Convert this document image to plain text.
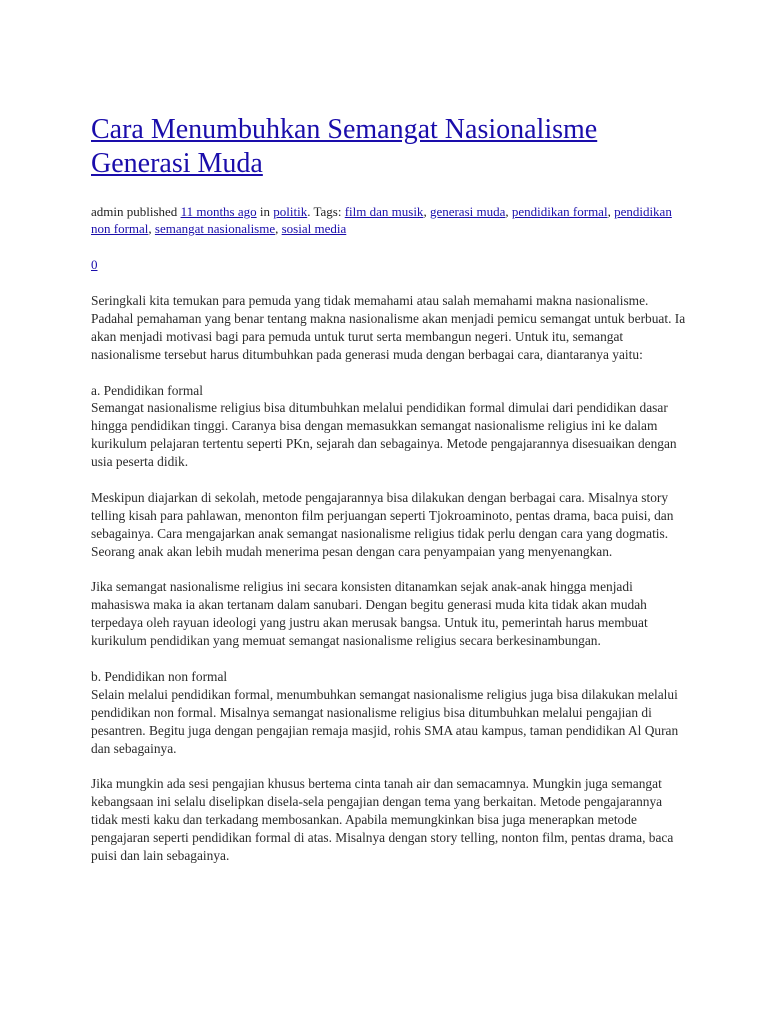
Cara Menumbuhkan Semangat Nasionalisme Generasi Muda
admin published 11 months ago in politik. Tags: film dan musik, generasi muda, pendidikan formal, pendidikan non formal, semangat nasionalisme, sosial media
0

Seringkali kita temukan para pemuda yang tidak memahami atau salah memahami makna nasionalisme. Padahal pemahaman yang benar tentang makna nasionalisme akan menjadi pemicu semangat untuk berbuat. Ia akan menjadi motivasi bagi para pemuda untuk turut serta membangun negeri. Untuk itu, semangat nasionalisme tersebut harus ditumbuhkan pada generasi muda dengan berbagai cara, diantaranya yaitu:

a. Pendidikan formal
Semangat nasionalisme religius bisa ditumbuhkan melalui pendidikan formal dimulai dari pendidikan dasar hingga pendidikan tinggi. Caranya bisa dengan memasukkan semangat nasionalisme religius ini ke dalam kurikulum pelajaran tertentu seperti PKn, sejarah dan sebagainya. Metode pengajarannya disesuaikan dengan usia peserta didik.

Meskipun diajarkan di sekolah, metode pengajarannya bisa dilakukan dengan berbagai cara. Misalnya story telling kisah para pahlawan, menonton film perjuangan seperti Tjokroaminoto, pentas drama, baca puisi, dan sebagainya. Cara mengajarkan anak semangat nasionalisme religius tidak perlu dengan cara yang dogmatis. Seorang anak akan lebih mudah menerima pesan dengan cara penyampaian yang menyenangkan.

Jika semangat nasionalisme religius ini secara konsisten ditanamkan sejak anak-anak hingga menjadi mahasiswa maka ia akan tertanam dalam sanubari. Dengan begitu generasi muda kita tidak akan mudah terpedaya oleh rayuan ideologi yang justru akan merusak bangsa. Untuk itu, pemerintah harus membuat kurikulum pendidikan yang memuat semangat nasionalisme religius secara berkesinambungan.

b. Pendidikan non formal
Selain melalui pendidikan formal, menumbuhkan semangat nasionalisme religius juga bisa dilakukan melalui pendidikan non formal. Misalnya semangat nasionalisme religius bisa ditumbuhkan melalui pengajian di pesantren. Begitu juga dengan pengajian remaja masjid, rohis SMA atau kampus, taman pendidikan Al Quran dan sebagainya.

Jika mungkin ada sesi pengajian khusus bertema cinta tanah air dan semacamnya. Mungkin juga semangat kebangsaan ini selalu diselipkan disela-sela pengajian dengan tema yang berkaitan. Metode pengajarannya tidak mesti kaku dan terkadang membosankan. Apabila memungkinkan bisa juga menerapkan metode pengajaran seperti pendidikan formal di atas. Misalnya dengan story telling, nonton film, pentas drama, baca puisi dan lain sebagainya.
